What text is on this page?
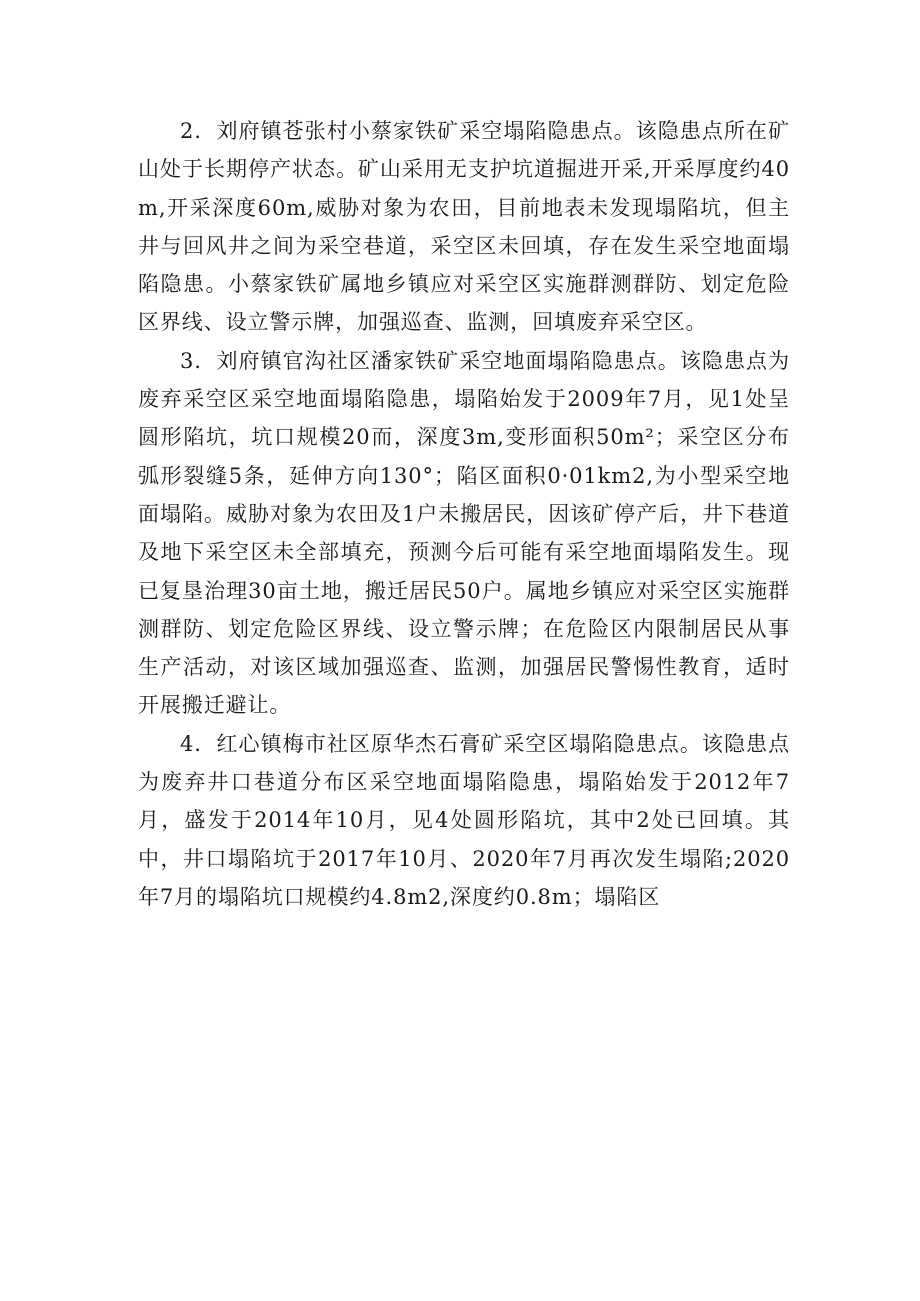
2．刘府镇苍张村小蔡家铁矿采空塌陷隐患点。该隐患点所在矿山处于长期停产状态。矿山采用无支护坑道掘进开采,开采厚度约40m,开采深度60m,威胁对象为农田，目前地表未发现塌陷坑，但主井与回风井之间为采空巷道，采空区未回填，存在发生采空地面塌陷隐患。小蔡家铁矿属地乡镇应对采空区实施群测群防、划定危险区界线、设立警示牌，加强巡查、监测，回填废弃采空区。

3．刘府镇官沟社区潘家铁矿采空地面塌陷隐患点。该隐患点为废弃采空区采空地面塌陷隐患，塌陷始发于2009年7月，见1处呈圆形陷坑，坑口规模20而，深度3m,变形面积50m²；采空区分布弧形裂缝5条，延伸方向130°；陷区面积0·01km2,为小型采空地面塌陷。威胁对象为农田及1户未搬居民，因该矿停产后，井下巷道及地下采空区未全部填充，预测今后可能有采空地面塌陷发生。现已复垦治理30亩土地，搬迁居民50户。属地乡镇应对采空区实施群测群防、划定危险区界线、设立警示牌；在危险区内限制居民从事生产活动，对该区域加强巡查、监测，加强居民警惕性教育，适时开展搬迁避让。

4．红心镇梅市社区原华杰石膏矿采空区塌陷隐患点。该隐患点为废弃井口巷道分布区采空地面塌陷隐患，塌陷始发于2012年7月，盛发于2014年10月，见4处圆形陷坑，其中2处已回填。其中，井口塌陷坑于2017年10月、2020年7月再次发生塌陷;2020年7月的塌陷坑口规模约4.8m2,深度约0.8m；塌陷区
